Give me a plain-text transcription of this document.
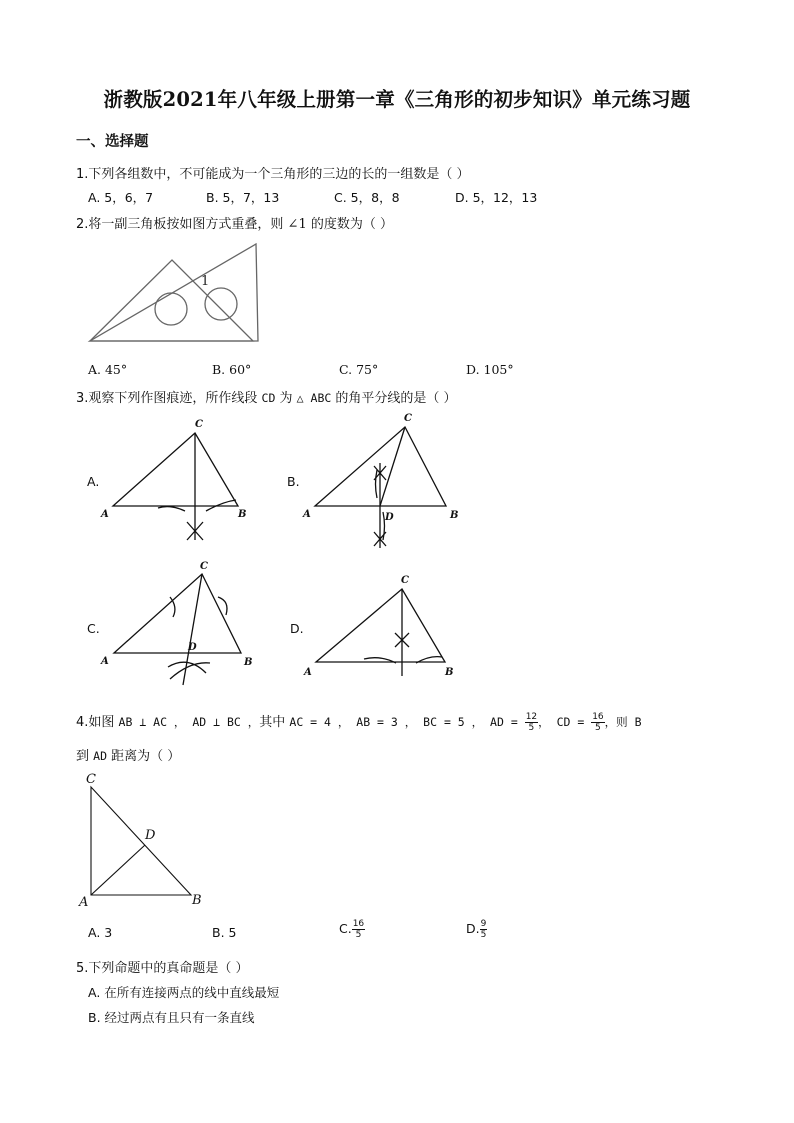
浙教版2021年八年级上册第一章《三角形的初步知识》单元练习题
一、选择题
1.下列各组数中，不可能成为一个三角形的三边的长的一组数是（ ）
A. 5，6，7	B. 5，7，13	C. 5，8，8	D. 5，12，13
2.将一副三角板按如图方式重叠，则 ∠1 的度数为（ ）
1
A. 45°	B. 60°	C. 75°	D. 105°
3.观察下列作图痕迹，所作线段 CD 为 △ ABC 的角平分线的是（ ）
A.	B.
C.	D.
A	B
C
A	B
C
D
A	B
C
D
A	B
C
4.如图 AB ⊥ AC ， AD ⊥ BC ，其中 AC = 4 ， AB = 3 ， BC = 5 ， AD = $\frac{12}{5}$ ， CD = $\frac{16}{5}$ ，则 B
到 AD 距离为（ ）
C
D
A	B
A. 3	B. 5	C. $\frac{16}{5}$	D. $\frac{9}{5}$
5.下列命题中的真命题是（ ）
A. 在所有连接两点的线中直线最短
B. 经过两点有且只有一条直线
